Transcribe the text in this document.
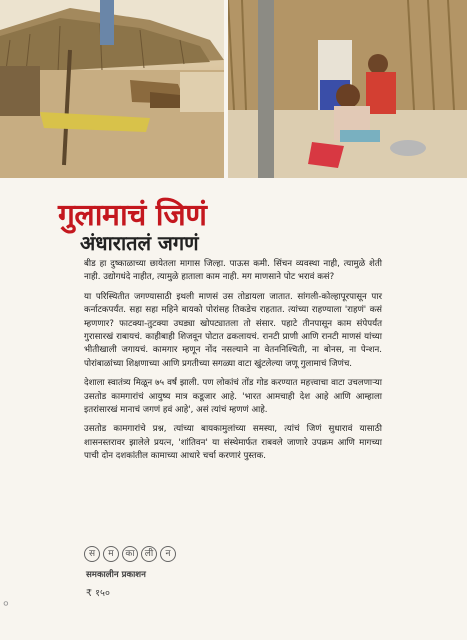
गुलामाचं जिणं
अंधारातलं जगणं

बीड हा दुष्काळाच्या छायेतला मागास जिल्हा. पाऊस कमी. सिंचन व्यवस्था नाही, त्यामुळे शेती नाही. उद्योगधंदे नाहीत, त्यामुळे हाताला काम नाही. मग माणसाने पोट भरावं कसं?

या परिस्थितीत जगण्यासाठी इथली माणसं उस तोडायला जातात. सांगली-कोल्हापूरपासून पार कर्नाटकपर्यंत. सहा सहा महिने बायको पोरांसह तिकडेच राहतात. त्यांच्या राहण्याला 'राहणं' कसं म्हणणार? फाटक्या-तुटक्या उघड्या खोपट्यातला तो संसार. पहाटे तीनपासून काम संपेपर्यंत गुरासारखं राबायचं. काहीबाही शिजवून पोटात ढकलायचं. रानटी प्राणी आणि रानटी माणसं यांच्या भीतीखाली जगायचं. कामगार म्हणून नोंद नसल्याने ना वेतननिश्चिती, ना बोनस, ना पेन्शन. पोरांबाळांच्या शिक्षणाच्या आणि प्रगतीच्या सगळ्या वाटा खुंटलेल्या जणू गुलामाचं जिणंच.

देशाला स्वातंत्र्य मिळून ७५ वर्षं झाली. पण लोकांचं तोंड गोड करण्यात महत्त्वाचा वाटा उचलणाऱ्या उसतोड कामगारांचं आयुष्य मात्र कडूजार आहे. 'भारत आमचाही देश आहे आणि आम्हाला इतरांसारखं मानाचं जगणं हवं आहे', असं त्यांचं म्हणणं आहे.

उसतोड कामगारांचे प्रश्न, त्यांच्या बायकामुलांच्या समस्या, त्यांचं जिणं सुधारावं यासाठी शासनस्तरावर झालेले प्रयत्न, 'शांतिवन' या संस्थेमार्फत राबवले जाणारे उपक्रम आणि मागच्या पाची दोन दशकांतील कामाच्या आधारे चर्चा करणारं पुस्तक.

स	म	का	ली	न
समकालीन प्रकाशन
₹ १५०
०
